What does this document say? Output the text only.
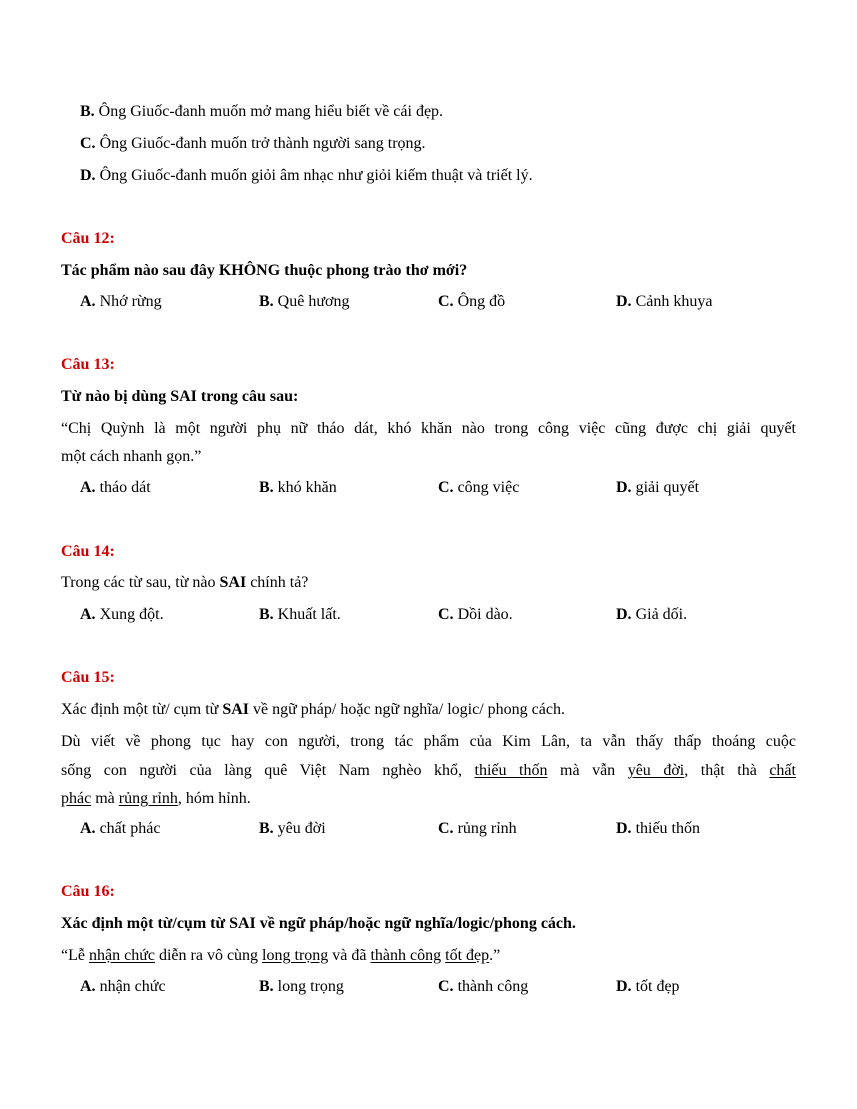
B. Ông Giuốc-đanh muốn mở mang hiểu biết về cái đẹp.
C. Ông Giuốc-đanh muốn trở thành người sang trọng.
D. Ông Giuốc-đanh muốn giỏi âm nhạc như giỏi kiếm thuật và triết lý.
Câu 12:
Tác phẩm nào sau đây KHÔNG thuộc phong trào thơ mới?
A. Nhớ rừng	B. Quê hương	C. Ông đồ	D. Cảnh khuya
Câu 13:
Từ nào bị dùng SAI trong câu sau:
“Chị Quỳnh là một người phụ nữ tháo dát, khó khăn nào trong công việc cũng được chị giải quyết
một cách nhanh gọn.”
A. tháo dát	B. khó khăn	C. công việc	D. giải quyết
Câu 14:
Trong các từ sau, từ nào SAI chính tả?
A. Xung đột.	B. Khuất lất.	C. Dồi dào.	D. Giả dối.
Câu 15:
Xác định một từ/ cụm từ SAI về ngữ pháp/ hoặc ngữ nghĩa/ logic/ phong cách.
Dù viết về phong tục hay con người, trong tác phẩm của Kim Lân, ta vẫn thấy thấp thoáng cuộc
sống con người của làng quê Việt Nam nghèo khổ, thiếu thốn mà vẫn yêu đời, thật thà chất
phác mà rủng rỉnh, hóm hỉnh.
A. chất phác	B. yêu đời	C. rủng rỉnh	D. thiếu thốn
Câu 16:
Xác định một từ/cụm từ SAI về ngữ pháp/hoặc ngữ nghĩa/logic/phong cách.
“Lễ nhận chức diễn ra vô cùng long trọng và đã thành công tốt đẹp.”
A. nhận chức	B. long trọng	C. thành công	D. tốt đẹp
